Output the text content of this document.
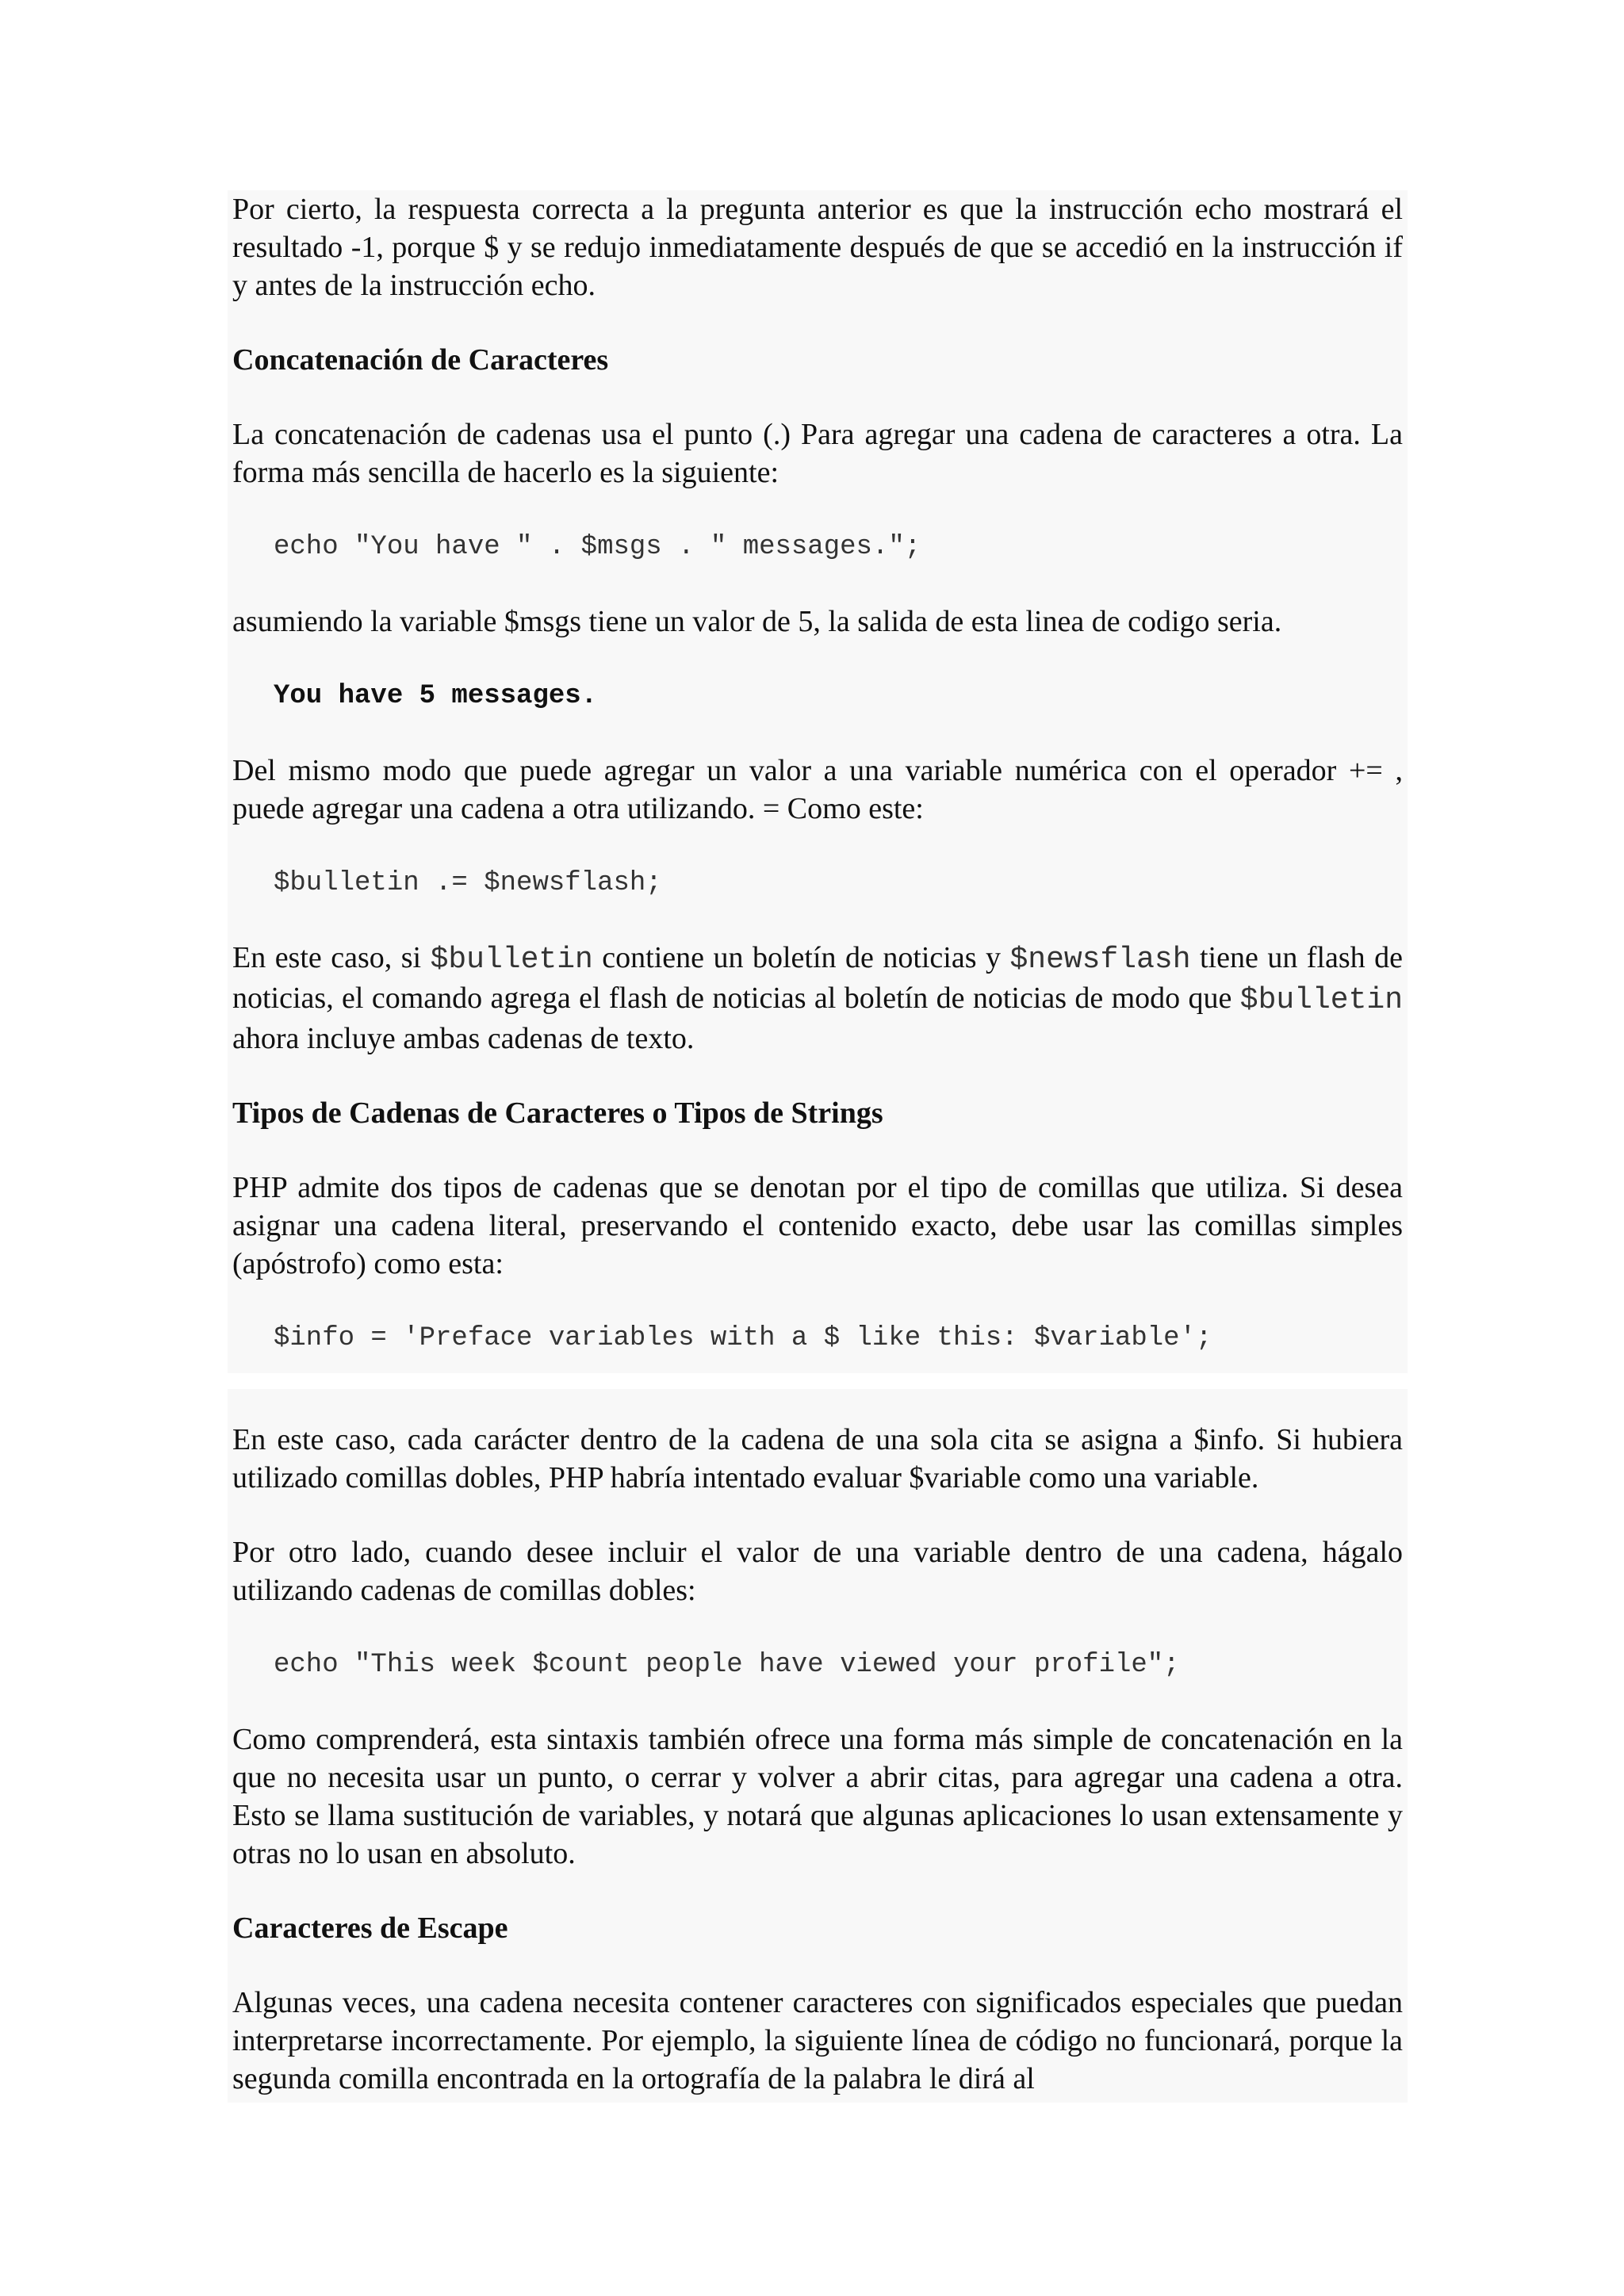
Por cierto, la respuesta correcta a la pregunta anterior es que la instrucción echo mostrará el resultado -1, porque $ y se redujo inmediatamente después de que se accedió en la instrucción if y antes de la instrucción echo.

Concatenación de Caracteres

La concatenación de cadenas usa el punto (.) Para agregar una cadena de caracteres a otra. La forma más sencilla de hacerlo es la siguiente:

echo "You have " . $msgs . " messages.";

asumiendo la variable $msgs tiene un valor de 5, la salida de esta linea de codigo seria.

You have 5 messages.

Del mismo modo que puede agregar un valor a una variable numérica con el operador += , puede agregar una cadena a otra utilizando. = Como este:

$bulletin .= $newsflash;

En este caso, si $bulletin contiene un boletín de noticias y $newsflash tiene un flash de noticias, el comando agrega el flash de noticias al boletín de noticias de modo que $bulletin ahora incluye ambas cadenas de texto.

Tipos de Cadenas de Caracteres o Tipos de Strings

PHP admite dos tipos de cadenas que se denotan por el tipo de comillas que utiliza. Si desea asignar una cadena literal, preservando el contenido exacto, debe usar las comillas simples (apóstrofo) como esta:

$info = 'Preface variables with a $ like this: $variable';

En este caso, cada carácter dentro de la cadena de una sola cita se asigna a $info. Si hubiera utilizado comillas dobles, PHP habría intentado evaluar $variable como una variable.

Por otro lado, cuando desee incluir el valor de una variable dentro de una cadena, hágalo utilizando cadenas de comillas dobles:

echo "This week $count people have viewed your profile";

Como comprenderá, esta sintaxis también ofrece una forma más simple de concatenación en la que no necesita usar un punto, o cerrar y volver a abrir citas, para agregar una cadena a otra. Esto se llama sustitución de variables, y notará que algunas aplicaciones lo usan extensamente y otras no lo usan en absoluto.

Caracteres de Escape

Algunas veces, una cadena necesita contener caracteres con significados especiales que puedan interpretarse incorrectamente. Por ejemplo, la siguiente línea de código no funcionará, porque la segunda comilla encontrada en la ortografía de la palabra le dirá al
